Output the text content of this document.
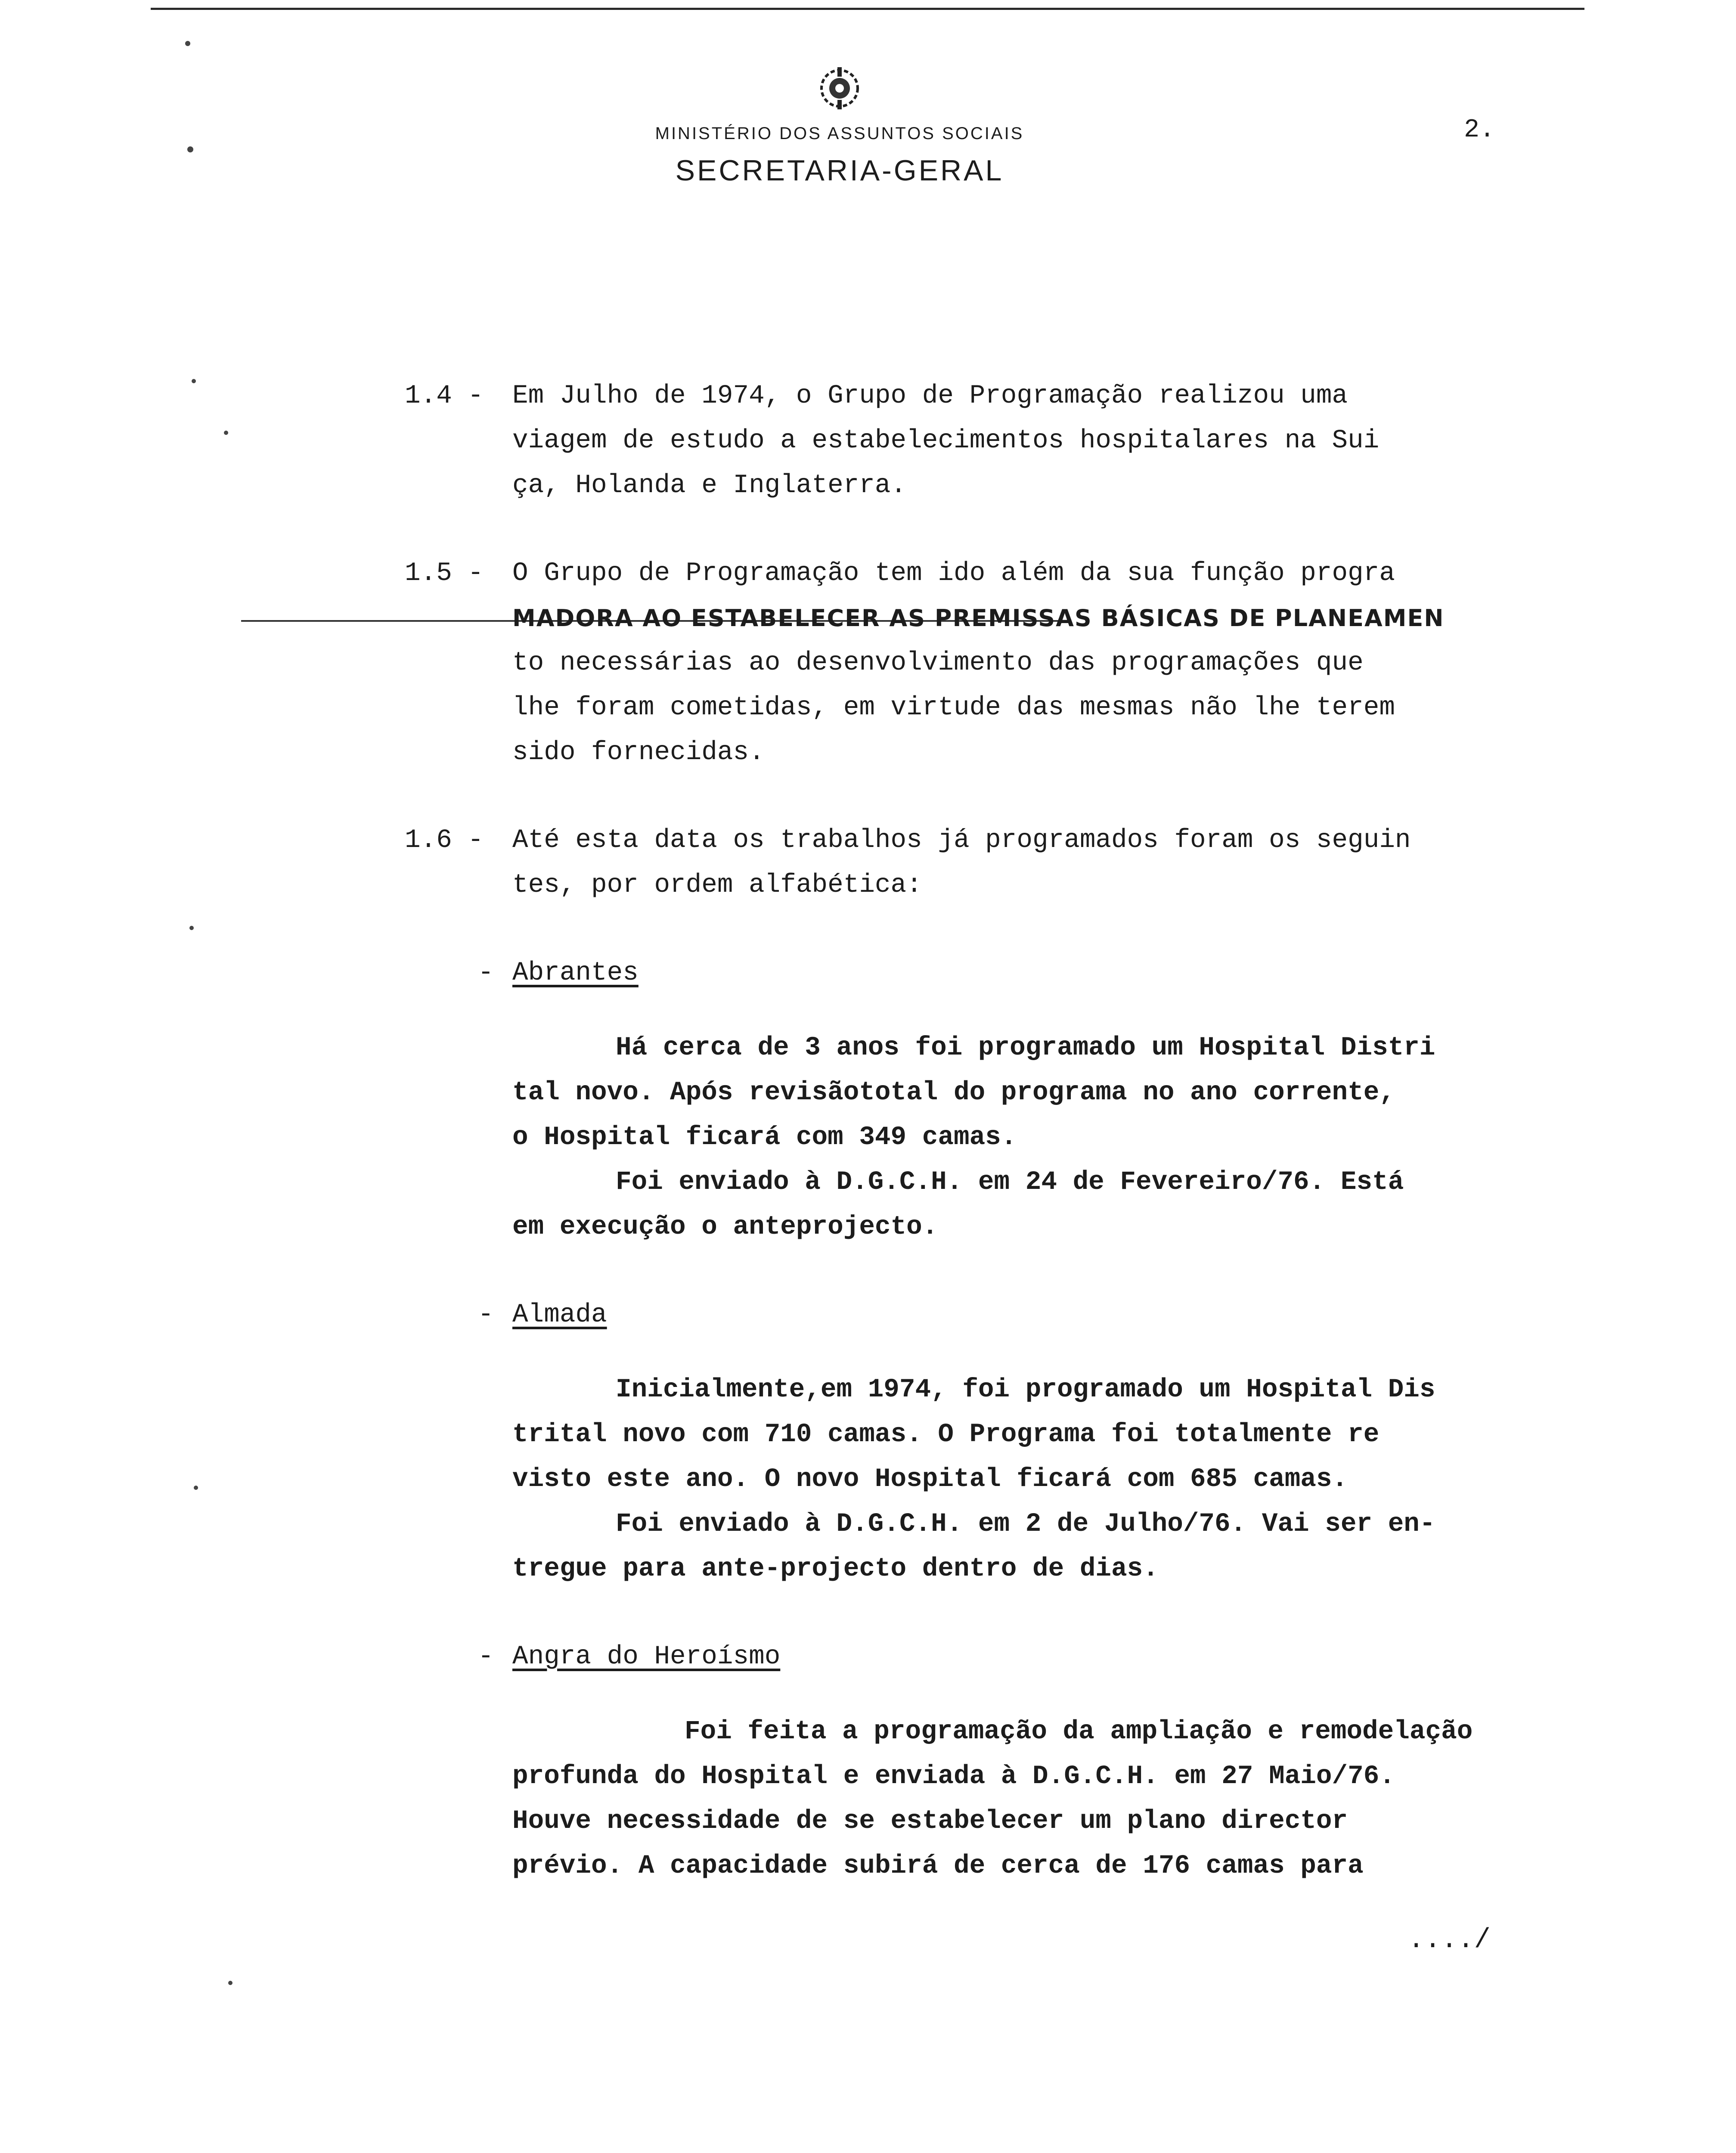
MINISTÉRIO DOS ASSUNTOS SOCIAIS
SECRETARIA-GERAL
2.
1.4 -	Em Julho de 1974, o Grupo de Programação realizou uma
viagem de estudo a estabelecimentos hospitalares na Sui
ça, Holanda e Inglaterra.
1.5 -	O Grupo de Programação tem ido além da sua função progra
MADORA AO ESTABELECER AS PREMISSAS BÁSICAS DE PLANEAMEN
to necessárias ao desenvolvimento das programações que
lhe foram cometidas, em virtude das mesmas não lhe terem
sido fornecidas.
1.6 -	Até esta data os trabalhos já programados foram os seguin
tes, por ordem alfabética:
- Abrantes
Há cerca de 3 anos foi programado um Hospital Distri
tal novo. Após revisãototal do programa no ano corrente,
o Hospital ficará com 349 camas.
Foi enviado à D.G.C.H. em 24 de Fevereiro/76. Está
em execução o anteprojecto.
- Almada
Inicialmente,em 1974, foi programado um Hospital Dis
trital novo com 710 camas. O Programa foi totalmente re
visto este ano. O novo Hospital ficará com 685 camas.
Foi enviado à D.G.C.H. em 2 de Julho/76. Vai ser en-
tregue para ante-projecto dentro de dias.
- Angra do Heroísmo
Foi feita a programação da ampliação e remodelação
profunda do Hospital e enviada à D.G.C.H. em 27 Maio/76.
Houve necessidade de se estabelecer um plano director
prévio. A capacidade subirá de cerca de 176 camas para
..../
